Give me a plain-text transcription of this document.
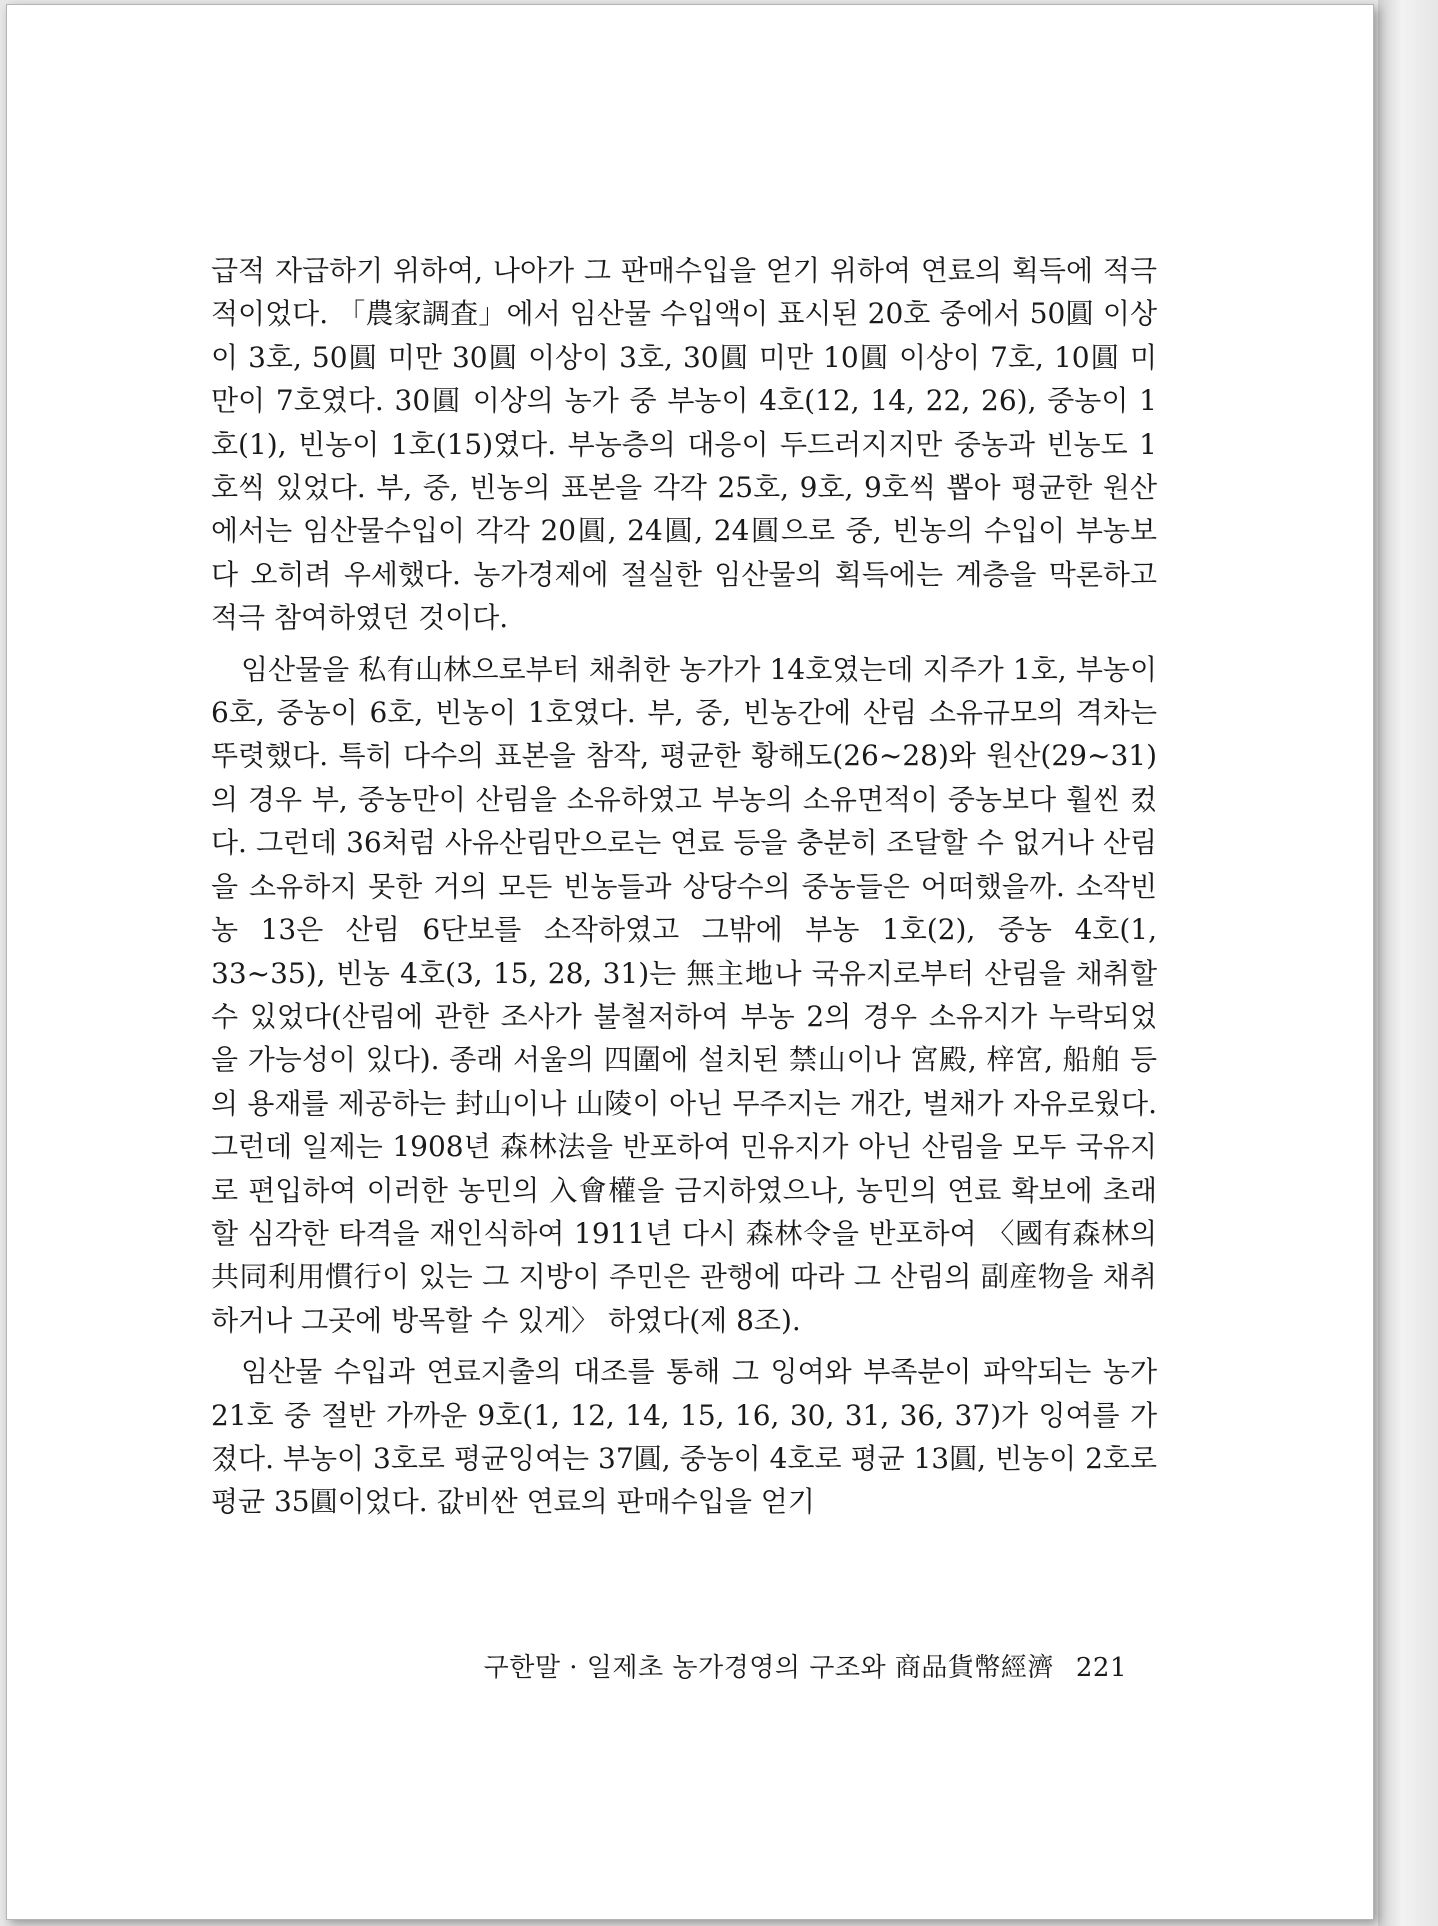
급적 자급하기 위하여, 나아가 그 판매수입을 얻기 위하여 연료의 획득에 적극적이었다. 「農家調査」에서 임산물 수입액이 표시된 20호 중에서 50圓 이상이 3호, 50圓 미만 30圓 이상이 3호, 30圓 미만 10圓 이상이 7호, 10圓 미만이 7호였다. 30圓 이상의 농가 중 부농이 4호(12, 14, 22, 26), 중농이 1호(1), 빈농이 1호(15)였다. 부농층의 대응이 두드러지지만 중농과 빈농도 1호씩 있었다. 부, 중, 빈농의 표본을 각각 25호, 9호, 9호씩 뽑아 평균한 원산에서는 임산물수입이 각각 20圓, 24圓, 24圓으로 중, 빈농의 수입이 부농보다 오히려 우세했다. 농가경제에 절실한 임산물의 획득에는 계층을 막론하고 적극 참여하였던 것이다.

임산물을 私有山林으로부터 채취한 농가가 14호였는데 지주가 1호, 부농이 6호, 중농이 6호, 빈농이 1호였다. 부, 중, 빈농간에 산림 소유규모의 격차는 뚜렷했다. 특히 다수의 표본을 참작, 평균한 황해도(26~28)와 원산(29~31)의 경우 부, 중농만이 산림을 소유하였고 부농의 소유면적이 중농보다 훨씬 컸다. 그런데 36처럼 사유산림만으로는 연료 등을 충분히 조달할 수 없거나 산림을 소유하지 못한 거의 모든 빈농들과 상당수의 중농들은 어떠했을까. 소작빈농 13은 산림 6단보를 소작하였고 그밖에 부농 1호(2), 중농 4호(1, 33~35), 빈농 4호(3, 15, 28, 31)는 無主地나 국유지로부터 산림을 채취할 수 있었다(산림에 관한 조사가 불철저하여 부농 2의 경우 소유지가 누락되었을 가능성이 있다). 종래 서울의 四圍에 설치된 禁山이나 宮殿, 梓宮, 船舶 등의 용재를 제공하는 封山이나 山陵이 아닌 무주지는 개간, 벌채가 자유로웠다. 그런데 일제는 1908년 森林法을 반포하여 민유지가 아닌 산림을 모두 국유지로 편입하여 이러한 농민의 入會權을 금지하였으나, 농민의 연료 확보에 초래할 심각한 타격을 재인식하여 1911년 다시 森林令을 반포하여 〈國有森林의 共同利用慣行이 있는 그 지방이 주민은 관행에 따라 그 산림의 副産物을 채취하거나 그곳에 방목할 수 있게〉 하였다(제 8조).

임산물 수입과 연료지출의 대조를 통해 그 잉여와 부족분이 파악되는 농가 21호 중 절반 가까운 9호(1, 12, 14, 15, 16, 30, 31, 36, 37)가 잉여를 가졌다. 부농이 3호로 평균잉여는 37圓, 중농이 4호로 평균 13圓, 빈농이 2호로 평균 35圓이었다. 값비싼 연료의 판매수입을 얻기

구한말 · 일제초 농가경영의 구조와 商品貨幣經濟 221
